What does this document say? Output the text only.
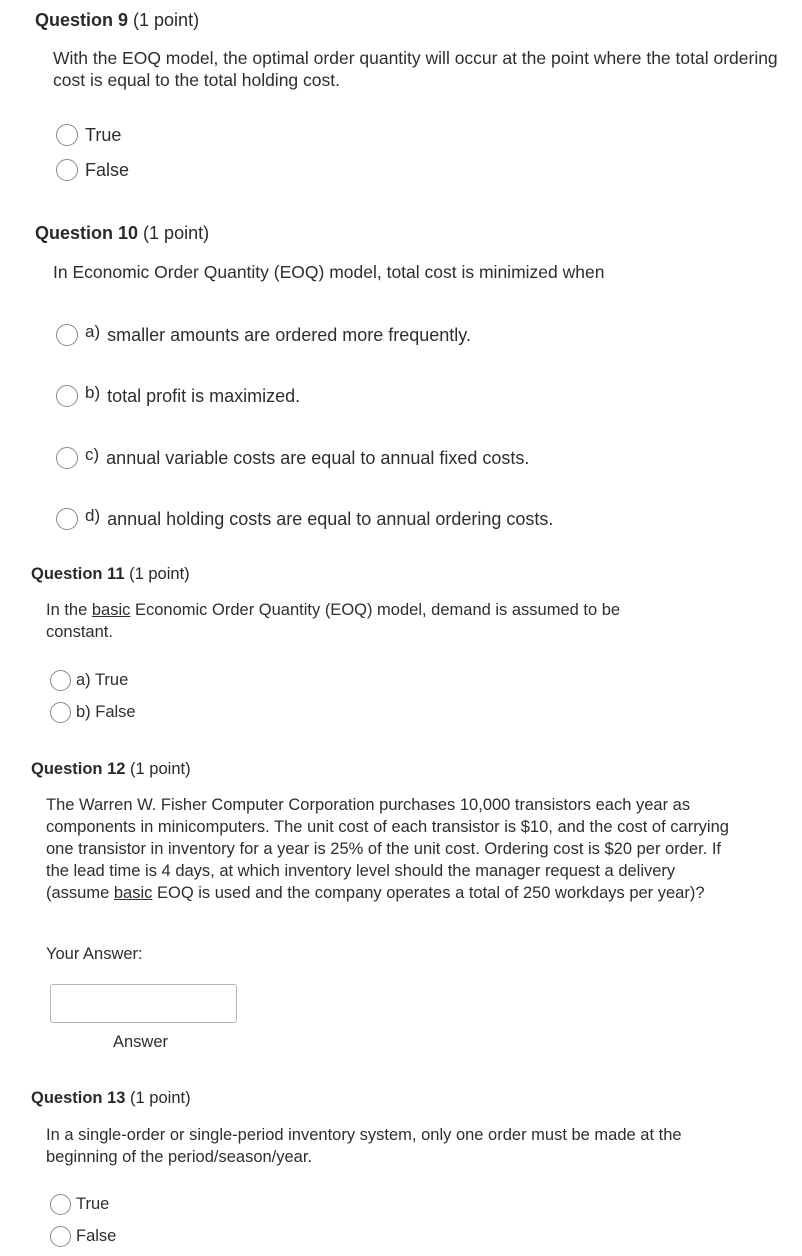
Question 9 (1 point)
With the EOQ model, the optimal order quantity will occur at the point where the total ordering cost is equal to the total holding cost.
True
False
Question 10 (1 point)
In Economic Order Quantity (EOQ) model, total cost is minimized when
a) smaller amounts are ordered more frequently.
b) total profit is maximized.
c) annual variable costs are equal to annual fixed costs.
d) annual holding costs are equal to annual ordering costs.
Question 11 (1 point)
In the basic Economic Order Quantity (EOQ) model, demand is assumed to be constant.
a) True
b) False
Question 12 (1 point)
The Warren W. Fisher Computer Corporation purchases 10,000 transistors each year as components in minicomputers. The unit cost of each transistor is $10, and the cost of carrying one transistor in inventory for a year is 25% of the unit cost. Ordering cost is $20 per order. If the lead time is 4 days, at which inventory level should the manager request a delivery (assume basic EOQ is used and the company operates a total of 250 workdays per year)?
Your Answer:
Answer
Question 13 (1 point)
In a single-order or single-period inventory system, only one order must be made at the beginning of the period/season/year.
True
False
